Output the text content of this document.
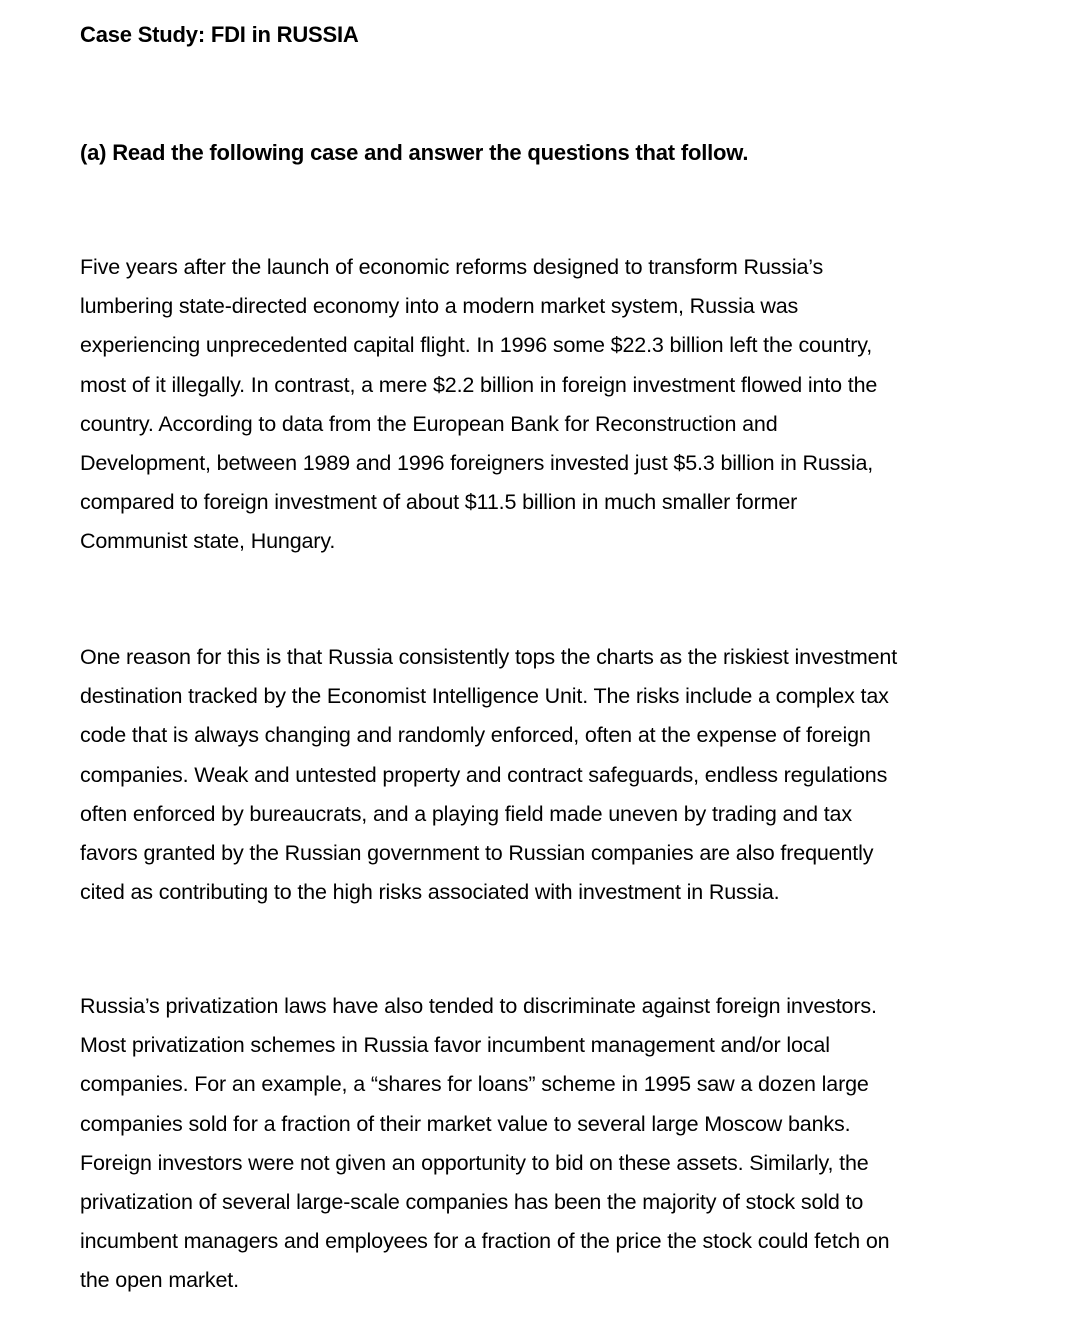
Case Study: FDI in RUSSIA
(a) Read the following case and answer the questions that follow.

Five years after the launch of economic reforms designed to transform Russia’s
lumbering state-directed economy into a modern market system, Russia was
experiencing unprecedented capital flight. In 1996 some $22.3 billion left the country,
most of it illegally. In contrast, a mere $2.2 billion in foreign investment flowed into the
country. According to data from the European Bank for Reconstruction and
Development, between 1989 and 1996 foreigners invested just $5.3 billion in Russia,
compared to foreign investment of about $11.5 billion in much smaller former
Communist state, Hungary.

One reason for this is that Russia consistently tops the charts as the riskiest investment
destination tracked by the Economist Intelligence Unit. The risks include a complex tax
code that is always changing and randomly enforced, often at the expense of foreign
companies. Weak and untested property and contract safeguards, endless regulations
often enforced by bureaucrats, and a playing field made uneven by trading and tax
favors granted by the Russian government to Russian companies are also frequently
cited as contributing to the high risks associated with investment in Russia.

Russia’s privatization laws have also tended to discriminate against foreign investors.
Most privatization schemes in Russia favor incumbent management and/or local
companies. For an example, a “shares for loans” scheme in 1995 saw a dozen large
companies sold for a fraction of their market value to several large Moscow banks.
Foreign investors were not given an opportunity to bid on these assets. Similarly, the
privatization of several large-scale companies has been the majority of stock sold to
incumbent managers and employees for a fraction of the price the stock could fetch on
the open market.
